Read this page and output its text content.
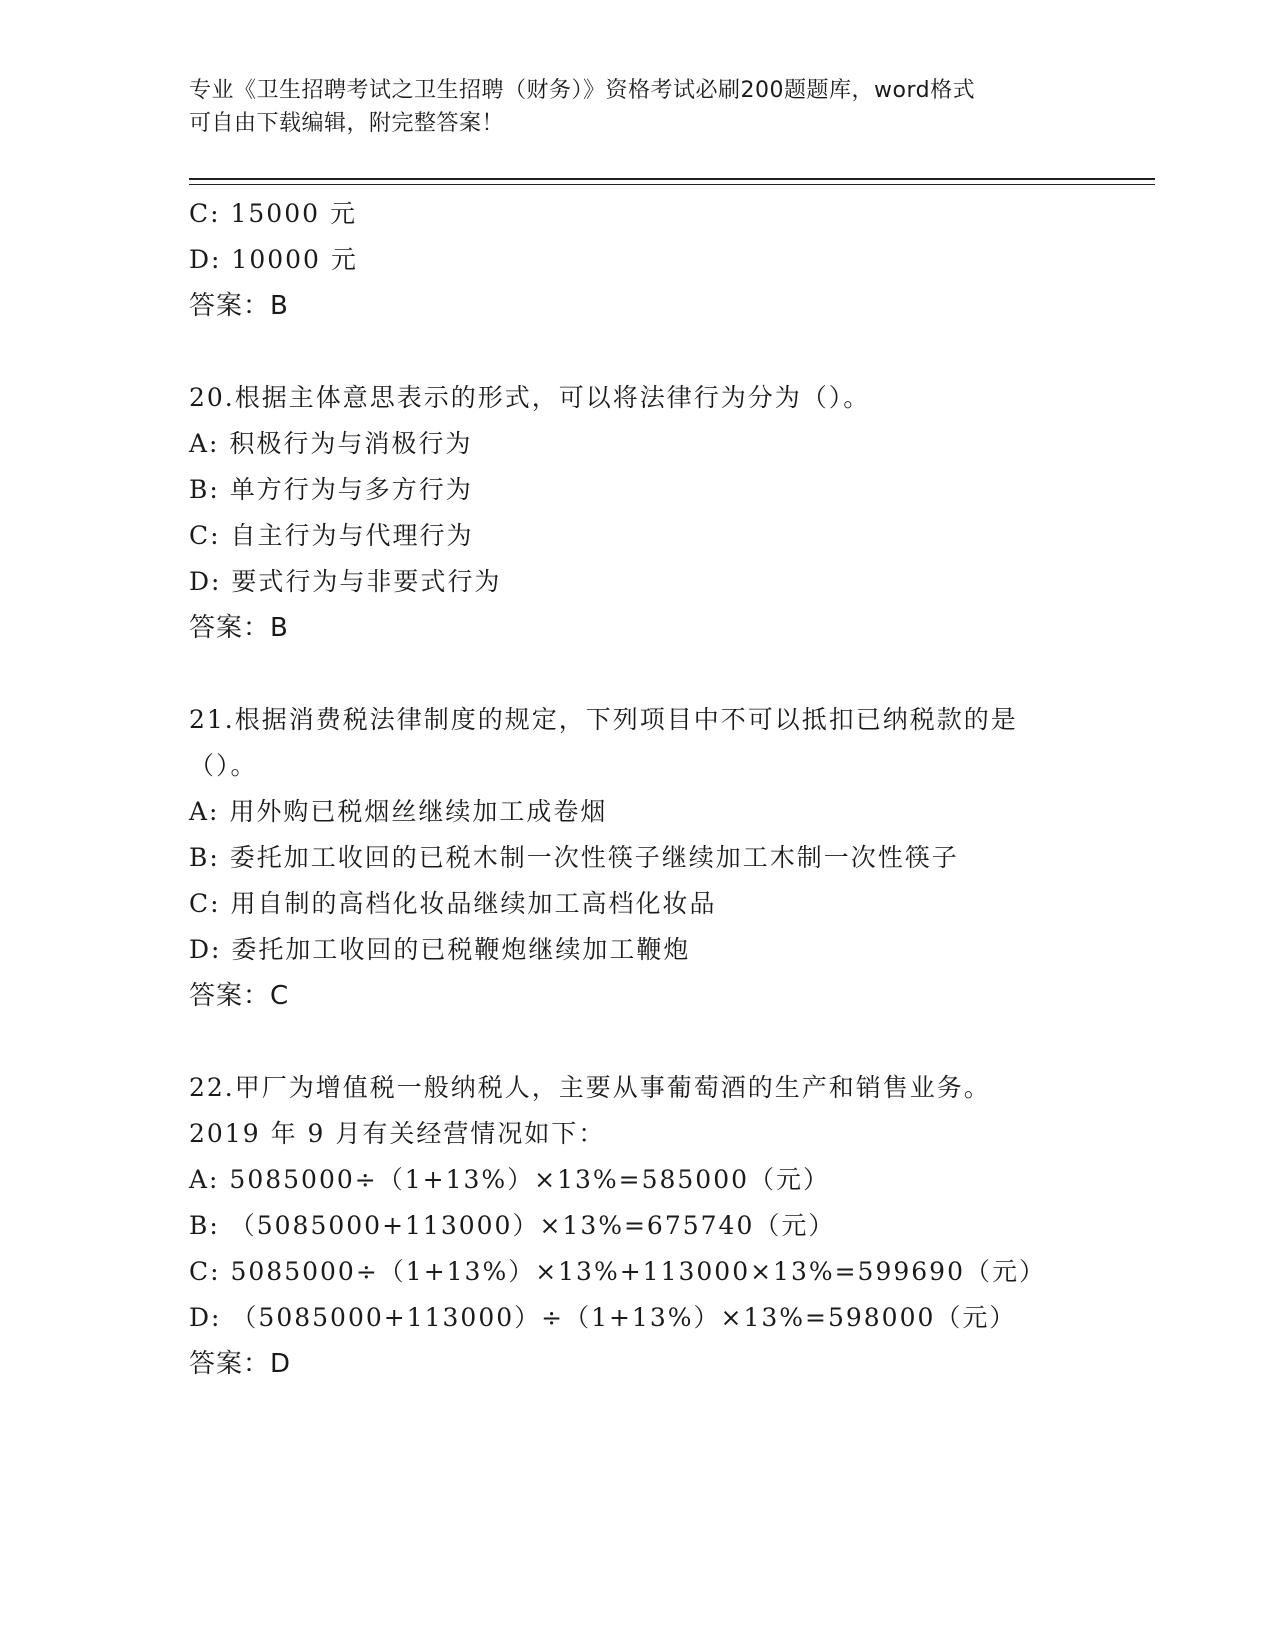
专业《卫生招聘考试之卫生招聘（财务）》资格考试必刷200题题库，word格式
可自由下载编辑，附完整答案！
C: 15000 元
D: 10000 元
答案：B
20.根据主体意思表示的形式，可以将法律行为分为（）。
A: 积极行为与消极行为
B: 单方行为与多方行为
C: 自主行为与代理行为
D: 要式行为与非要式行为
答案：B
21.根据消费税法律制度的规定，下列项目中不可以抵扣已纳税款的是
（）。
A: 用外购已税烟丝继续加工成卷烟
B: 委托加工收回的已税木制一次性筷子继续加工木制一次性筷子
C: 用自制的高档化妆品继续加工高档化妆品
D: 委托加工收回的已税鞭炮继续加工鞭炮
答案：C
22.甲厂为增值税一般纳税人，主要从事葡萄酒的生产和销售业务。
2019 年 9 月有关经营情况如下：
A: 5085000÷（1+13%）×13%=585000（元）
B: （5085000+113000）×13%=675740（元）
C: 5085000÷（1+13%）×13%+113000×13%=599690（元）
D: （5085000+113000）÷（1+13%）×13%=598000（元）
答案：D
